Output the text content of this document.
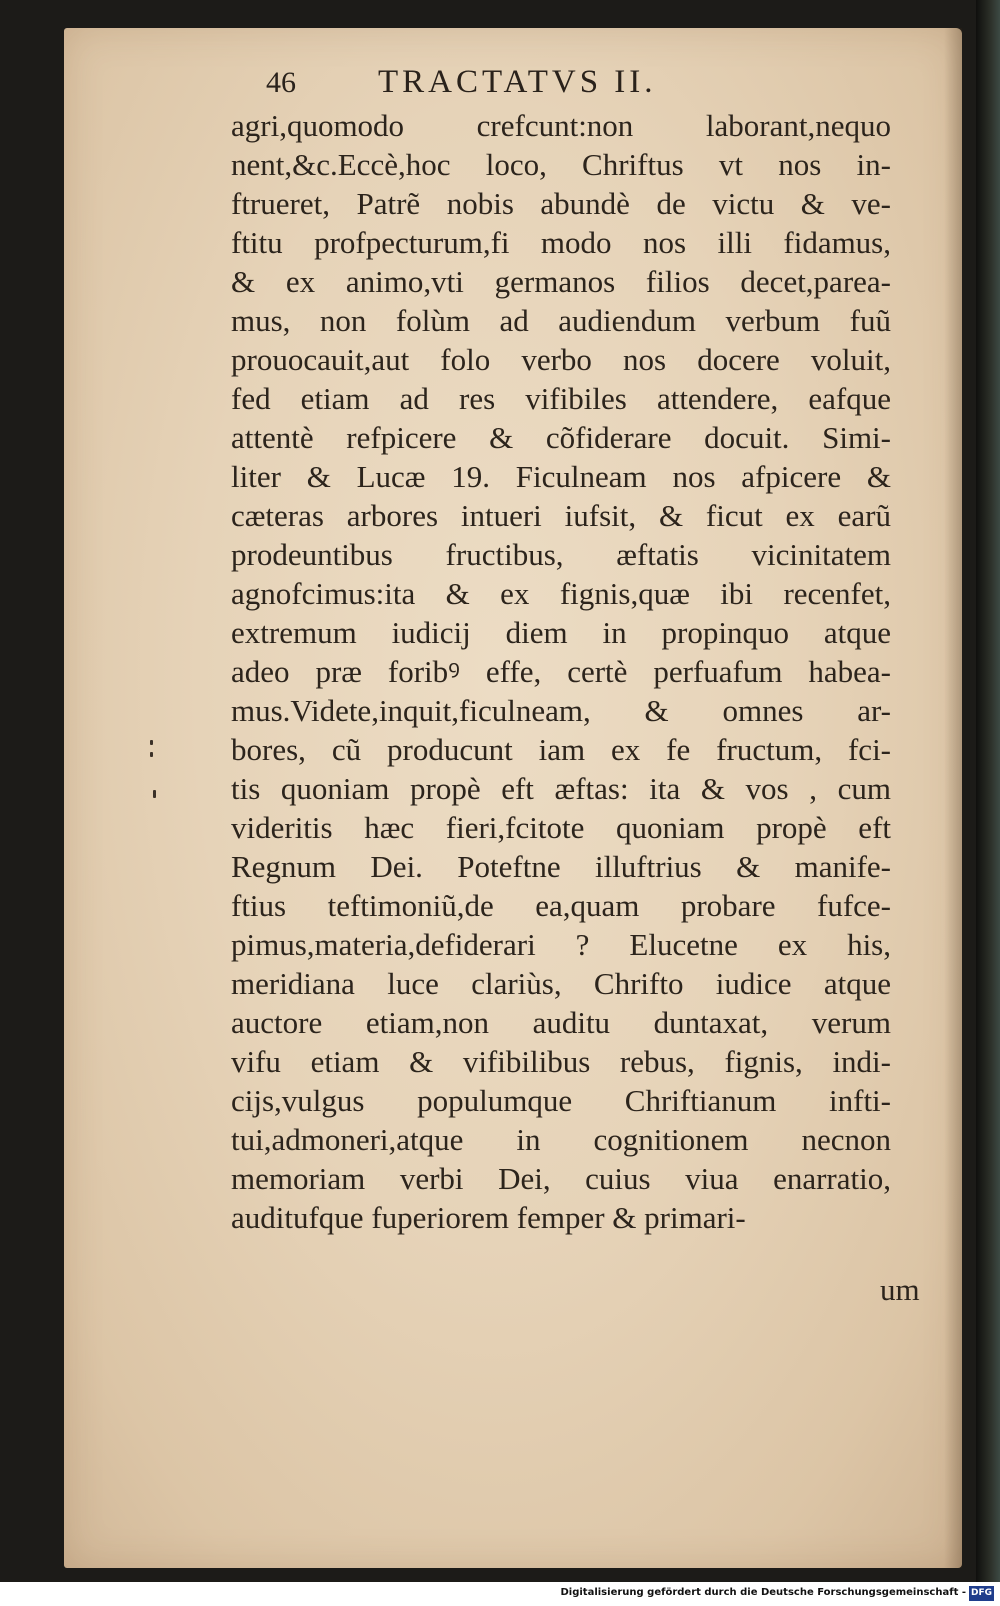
46 TRACTATVS II.
agri,quomodo crefcunt:non laborant,nequo
nent,&c.Eccè,hoc loco, Chriftus vt nos in-
ftrueret, Patrẽ nobis abundè de victu & ve-
ftitu profpecturum,fi modo nos illi fidamus,
& ex animo,vti germanos filios decet,parea-
mus, non folùm ad audiendum verbum fuũ
prouocauit,aut folo verbo nos docere voluit,
fed etiam ad res vifibiles attendere, eafque
attentè refpicere & cõfiderare docuit. Simi-
liter & Lucæ 19. Ficulneam nos afpicere &
cæteras arbores intueri iufsit, & ficut ex earũ
prodeuntibus fructibus, æftatis vicinitatem
agnofcimus:ita & ex fignis,quæ ibi recenfet,
extremum iudicij diem in propinquo atque
adeo præ foribꝰ effe, certè perfuafum habea-
mus.Videte,inquit,ficulneam, & omnes ar-
bores, cũ producunt iam ex fe fructum, fci-
tis quoniam propè eft æftas: ita & vos , cum
videritis hæc fieri,fcitote quoniam propè eft
Regnum Dei. Poteftne illuftrius & manife-
ftius teftimoniũ,de ea,quam probare fufce-
pimus,materia,defiderari ? Elucetne ex his,
meridiana luce clariùs, Chrifto iudice atque
auctore etiam,non auditu duntaxat, verum
vifu etiam & vifibilibus rebus, fignis, indi-
cijs,vulgus populumque Chriftianum infti-
tui,admoneri,atque in cognitionem necnon
memoriam verbi Dei, cuius viua enarratio,
auditufque fuperiorem femper & primari-
um
Digitalisierung gefördert durch die Deutsche Forschungsgemeinschaft - DFG
